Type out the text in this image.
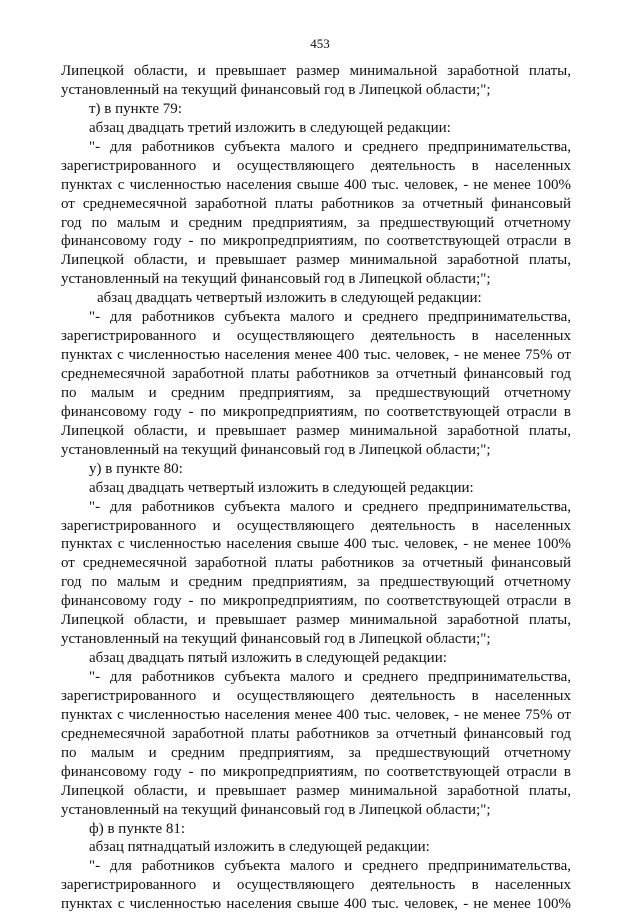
453
Липецкой области, и превышает размер минимальной заработной платы,
установленный на текущий финансовый год в Липецкой области;";
т) в пункте 79:
абзац двадцать третий изложить в следующей редакции:
"- для работников субъекта малого и среднего предпринимательства,
зарегистрированного и осуществляющего деятельность в населенных
пунктах с численностью населения свыше 400 тыс. человек, - не менее 100%
от среднемесячной заработной платы работников за отчетный финансовый
год по малым и средним предприятиям, за предшествующий отчетному
финансовому году - по микропредприятиям, по соответствующей отрасли в
Липецкой области, и превышает размер минимальной заработной платы,
установленный на текущий финансовый год в Липецкой области;";
абзац двадцать четвертый изложить в следующей редакции:
"- для работников субъекта малого и среднего предпринимательства,
зарегистрированного и осуществляющего деятельность в населенных
пунктах с численностью населения менее 400 тыс. человек, - не менее 75% от
среднемесячной заработной платы работников за отчетный финансовый год
по малым и средним предприятиям, за предшествующий отчетному
финансовому году - по микропредприятиям, по соответствующей отрасли в
Липецкой области, и превышает размер минимальной заработной платы,
установленный на текущий финансовый год в Липецкой области;";
у) в пункте 80:
абзац двадцать четвертый изложить в следующей редакции:
"- для работников субъекта малого и среднего предпринимательства,
зарегистрированного и осуществляющего деятельность в населенных
пунктах с численностью населения свыше 400 тыс. человек, - не менее 100%
от среднемесячной заработной платы работников за отчетный финансовый
год по малым и средним предприятиям, за предшествующий отчетному
финансовому году - по микропредприятиям, по соответствующей отрасли в
Липецкой области, и превышает размер минимальной заработной платы,
установленный на текущий финансовый год в Липецкой области;";
абзац двадцать пятый изложить в следующей редакции:
"- для работников субъекта малого и среднего предпринимательства,
зарегистрированного и осуществляющего деятельность в населенных
пунктах с численностью населения менее 400 тыс. человек, - не менее 75% от
среднемесячной заработной платы работников за отчетный финансовый год
по малым и средним предприятиям, за предшествующий отчетному
финансовому году - по микропредприятиям, по соответствующей отрасли в
Липецкой области, и превышает размер минимальной заработной платы,
установленный на текущий финансовый год в Липецкой области;";
ф) в пункте 81:
абзац пятнадцатый изложить в следующей редакции:
"- для работников субъекта малого и среднего предпринимательства,
зарегистрированного и осуществляющего деятельность в населенных
пунктах с численностью населения свыше 400 тыс. человек, - не менее 100%
